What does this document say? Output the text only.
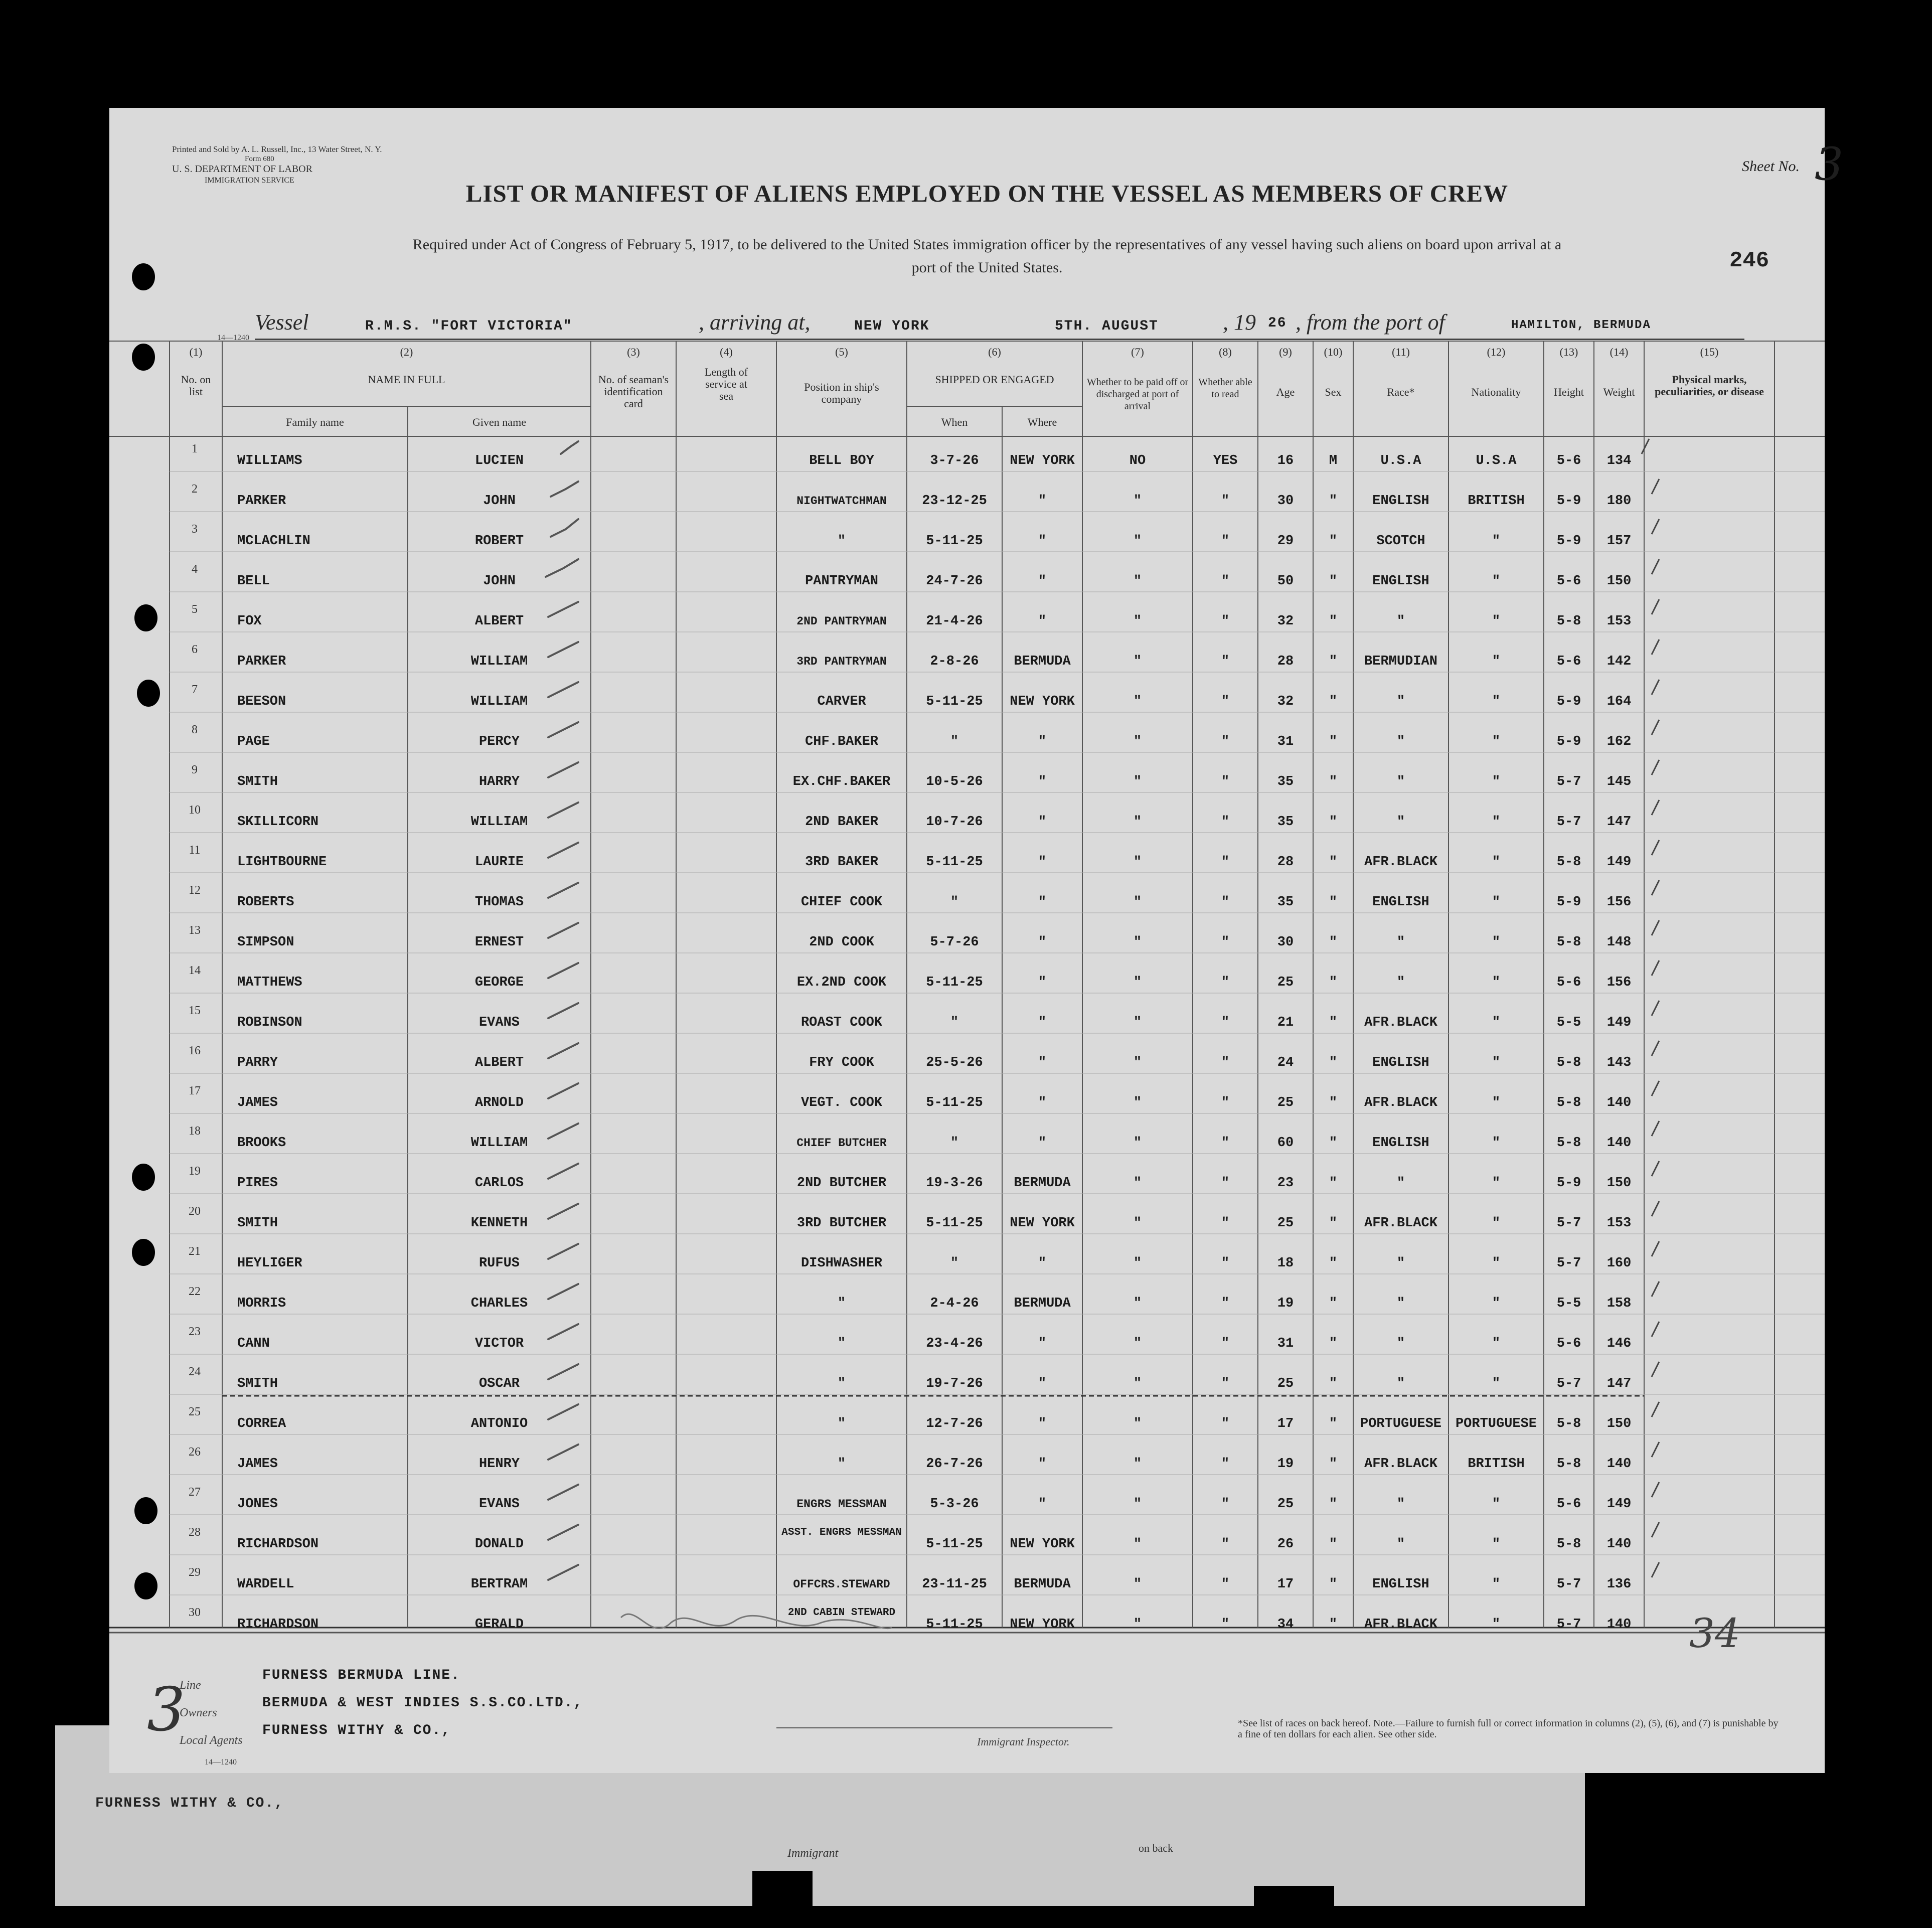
FURNESS WITHY & CO.,
Immigrant	on back
Printed and Sold by A. L. Russell, Inc., 13 Water Street, N. Y.
Form 680
U. S. DEPARTMENT OF LABOR
IMMIGRATION SERVICE
Sheet No. 3
LIST OR MANIFEST OF ALIENS EMPLOYED ON THE VESSEL AS MEMBERS OF CREW
Required under Act of Congress of February 5, 1917, to be delivered to the United States immigration officer by the representatives of any vessel having such aliens on board upon arrival at a
port of the United States.	246
Vessel	R.M.S. "FORT VICTORIA"	, arriving at,	NEW YORK	5TH. AUGUST	, 19 26 , from the port of	HAMILTON, BERMUDA
14—1240
(1)
No. on list
(2)
NAME IN FULL
Family name	Given name
(3)
No. of seaman's identification card
(4)
Length of service at sea
(5)
Position in ship's company
(6)
SHIPPED OR ENGAGED
When	Where
(7)
Whether to be paid off or discharged at port of arrival
(8)
Whether able to read
(9)
Age
(10)
Sex
(11)
Race*
(12)
Nationality
(13)
Height
(14)
Weight
(15)
Physical marks, peculiarities, or disease
1
WILLIAMS	LUCIEN	BELL BOY	3-7-26	NEW YORK	NO	YES	16	M	U.S.A	U.S.A	5-6	134
2
PARKER	JOHN	NIGHTWATCHMAN	23-12-25	"	"	"	30	"	ENGLISH	BRITISH	5-9	180
3
MCLACHLIN	ROBERT	"	5-11-25	"	"	"	29	"	SCOTCH	"	5-9	157
4
BELL	JOHN	PANTRYMAN	24-7-26	"	"	"	50	"	ENGLISH	"	5-6	150
5
FOX	ALBERT	2ND PANTRYMAN	21-4-26	"	"	"	32	"	"	"	5-8	153
6
PARKER	WILLIAM	3RD PANTRYMAN	2-8-26	BERMUDA	"	"	28	"	BERMUDIAN	"	5-6	142
7
BEESON	WILLIAM	CARVER	5-11-25	NEW YORK	"	"	32	"	"	"	5-9	164
8
PAGE	PERCY	CHF.BAKER	"	"	"	"	31	"	"	"	5-9	162
9
SMITH	HARRY	EX.CHF.BAKER	10-5-26	"	"	"	35	"	"	"	5-7	145
10
SKILLICORN	WILLIAM	2ND BAKER	10-7-26	"	"	"	35	"	"	"	5-7	147
11
LIGHTBOURNE	LAURIE	3RD BAKER	5-11-25	"	"	"	28	"	AFR.BLACK	"	5-8	149
12
ROBERTS	THOMAS	CHIEF COOK	"	"	"	"	35	"	ENGLISH	"	5-9	156
13
SIMPSON	ERNEST	2ND COOK	5-7-26	"	"	"	30	"	"	"	5-8	148
14
MATTHEWS	GEORGE	EX.2ND COOK	5-11-25	"	"	"	25	"	"	"	5-6	156
15
ROBINSON	EVANS	ROAST COOK	"	"	"	"	21	"	AFR.BLACK	"	5-5	149
16
PARRY	ALBERT	FRY COOK	25-5-26	"	"	"	24	"	ENGLISH	"	5-8	143
17
JAMES	ARNOLD	VEGT. COOK	5-11-25	"	"	"	25	"	AFR.BLACK	"	5-8	140
18
BROOKS	WILLIAM	CHIEF BUTCHER	"	"	"	"	60	"	ENGLISH	"	5-8	140
19
PIRES	CARLOS	2ND BUTCHER	19-3-26	BERMUDA	"	"	23	"	"	"	5-9	150
20
SMITH	KENNETH	3RD BUTCHER	5-11-25	NEW YORK	"	"	25	"	AFR.BLACK	"	5-7	153
21
HEYLIGER	RUFUS	DISHWASHER	"	"	"	"	18	"	"	"	5-7	160
22
MORRIS	CHARLES	"	2-4-26	BERMUDA	"	"	19	"	"	"	5-5	158
23
CANN	VICTOR	"	23-4-26	"	"	"	31	"	"	"	5-6	146
24
SMITH	OSCAR	"	19-7-26	"	"	"	25	"	"	"	5-7	147
25
CORREA	ANTONIO	"	12-7-26	"	"	"	17	"	PORTUGUESE	PORTUGUESE	5-8	150
26
JAMES	HENRY	"	26-7-26	"	"	"	19	"	AFR.BLACK	BRITISH	5-8	140
27
JONES	EVANS	ENGRS MESSMAN	5-3-26	"	"	"	25	"	"	"	5-6	149
28
RICHARDSON	DONALD
ASST. ENGRS MESSMAN
5-11-25	NEW YORK	"	"	26	"	"	"	5-8	140
29
WARDELL	BERTRAM	OFFCRS.STEWARD	23-11-25	BERMUDA	"	"	17	"	ENGLISH	"	5-7	136
30
RICHARDSON	GERALD
2ND CABIN STEWARD
5-11-25	NEW YORK	"	"	34	"	AFR.BLACK	"	5-7	140
Line
FURNESS BERMUDA LINE.
Owners
BERMUDA & WEST INDIES S.S.CO.LTD.,
Local Agents
FURNESS WITHY & CO.,
14—1240
Immigrant Inspector.
*See list of races on back hereof. Note.—Failure to furnish full or correct information in columns (2), (5), (6), and (7) is punishable by a fine of ten dollars for each alien. See other side.
34
3
